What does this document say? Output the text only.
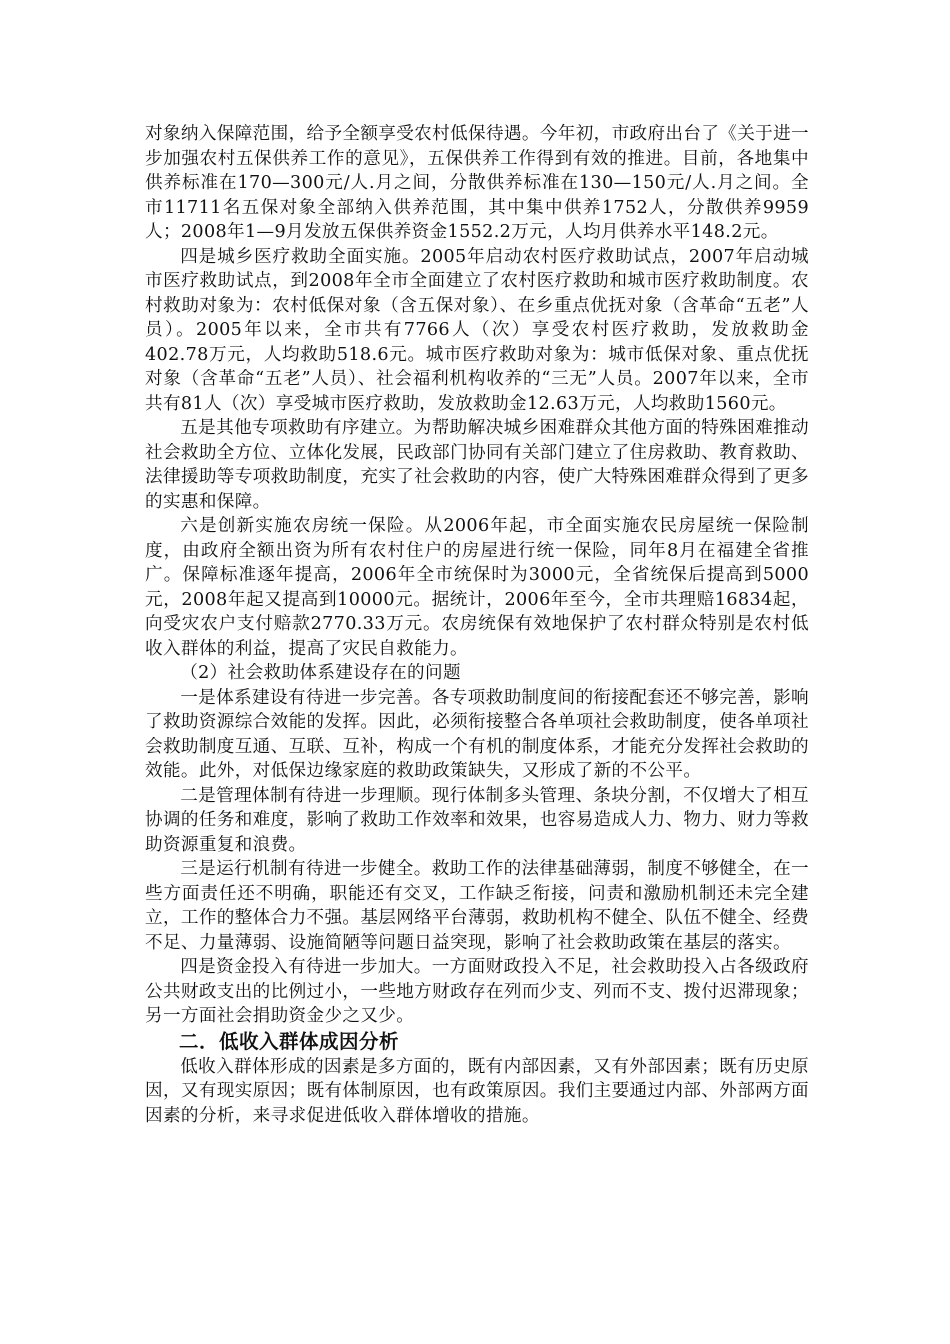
对象纳入保障范围，给予全额享受农村低保待遇。今年初，市政府出台了《关于进一步加强农村五保供养工作的意见》，五保供养工作得到有效的推进。目前，各地集中供养标准在170—300元/人.月之间，分散供养标准在130—150元/人.月之间。全市11711名五保对象全部纳入供养范围，其中集中供养1752人，分散供养9959人；2008年1—9月发放五保供养资金1552.2万元，人均月供养水平148.2元。

四是城乡医疗救助全面实施。2005年启动农村医疗救助试点，2007年启动城市医疗救助试点，到2008年全市全面建立了农村医疗救助和城市医疗救助制度。农村救助对象为：农村低保对象（含五保对象）、在乡重点优抚对象（含革命“五老”人员）。2005年以来，全市共有7766人（次）享受农村医疗救助，发放救助金402.78万元，人均救助518.6元。城市医疗救助对象为：城市低保对象、重点优抚对象（含革命“五老”人员）、社会福利机构收养的“三无”人员。2007年以来，全市共有81人（次）享受城市医疗救助，发放救助金12.63万元，人均救助1560元。

五是其他专项救助有序建立。为帮助解决城乡困难群众其他方面的特殊困难推动社会救助全方位、立体化发展，民政部门协同有关部门建立了住房救助、教育救助、法律援助等专项救助制度，充实了社会救助的内容，使广大特殊困难群众得到了更多的实惠和保障。

六是创新实施农房统一保险。从2006年起，市全面实施农民房屋统一保险制度，由政府全额出资为所有农村住户的房屋进行统一保险，同年8月在福建全省推广。保障标准逐年提高，2006年全市统保时为3000元，全省统保后提高到5000元，2008年起又提高到10000元。据统计，2006年至今，全市共理赔16834起，向受灾农户支付赔款2770.33万元。农房统保有效地保护了农村群众特别是农村低收入群体的利益，提高了灾民自救能力。

（2）社会救助体系建设存在的问题

一是体系建设有待进一步完善。各专项救助制度间的衔接配套还不够完善，影响了救助资源综合效能的发挥。因此，必须衔接整合各单项社会救助制度，使各单项社会救助制度互通、互联、互补，构成一个有机的制度体系，才能充分发挥社会救助的效能。此外，对低保边缘家庭的救助政策缺失，又形成了新的不公平。

二是管理体制有待进一步理顺。现行体制多头管理、条块分割，不仅增大了相互协调的任务和难度，影响了救助工作效率和效果，也容易造成人力、物力、财力等救助资源重复和浪费。

三是运行机制有待进一步健全。救助工作的法律基础薄弱，制度不够健全，在一些方面责任还不明确，职能还有交叉，工作缺乏衔接，问责和激励机制还未完全建立，工作的整体合力不强。基层网络平台薄弱，救助机构不健全、队伍不健全、经费不足、力量薄弱、设施简陋等问题日益突现，影响了社会救助政策在基层的落实。

四是资金投入有待进一步加大。一方面财政投入不足，社会救助投入占各级政府公共财政支出的比例过小，一些地方财政存在列而少支、列而不支、拨付迟滞现象；另一方面社会捐助资金少之又少。

二．低收入群体成因分析

低收入群体形成的因素是多方面的，既有内部因素，又有外部因素；既有历史原因，又有现实原因；既有体制原因，也有政策原因。我们主要通过内部、外部两方面因素的分析，来寻求促进低收入群体增收的措施。
